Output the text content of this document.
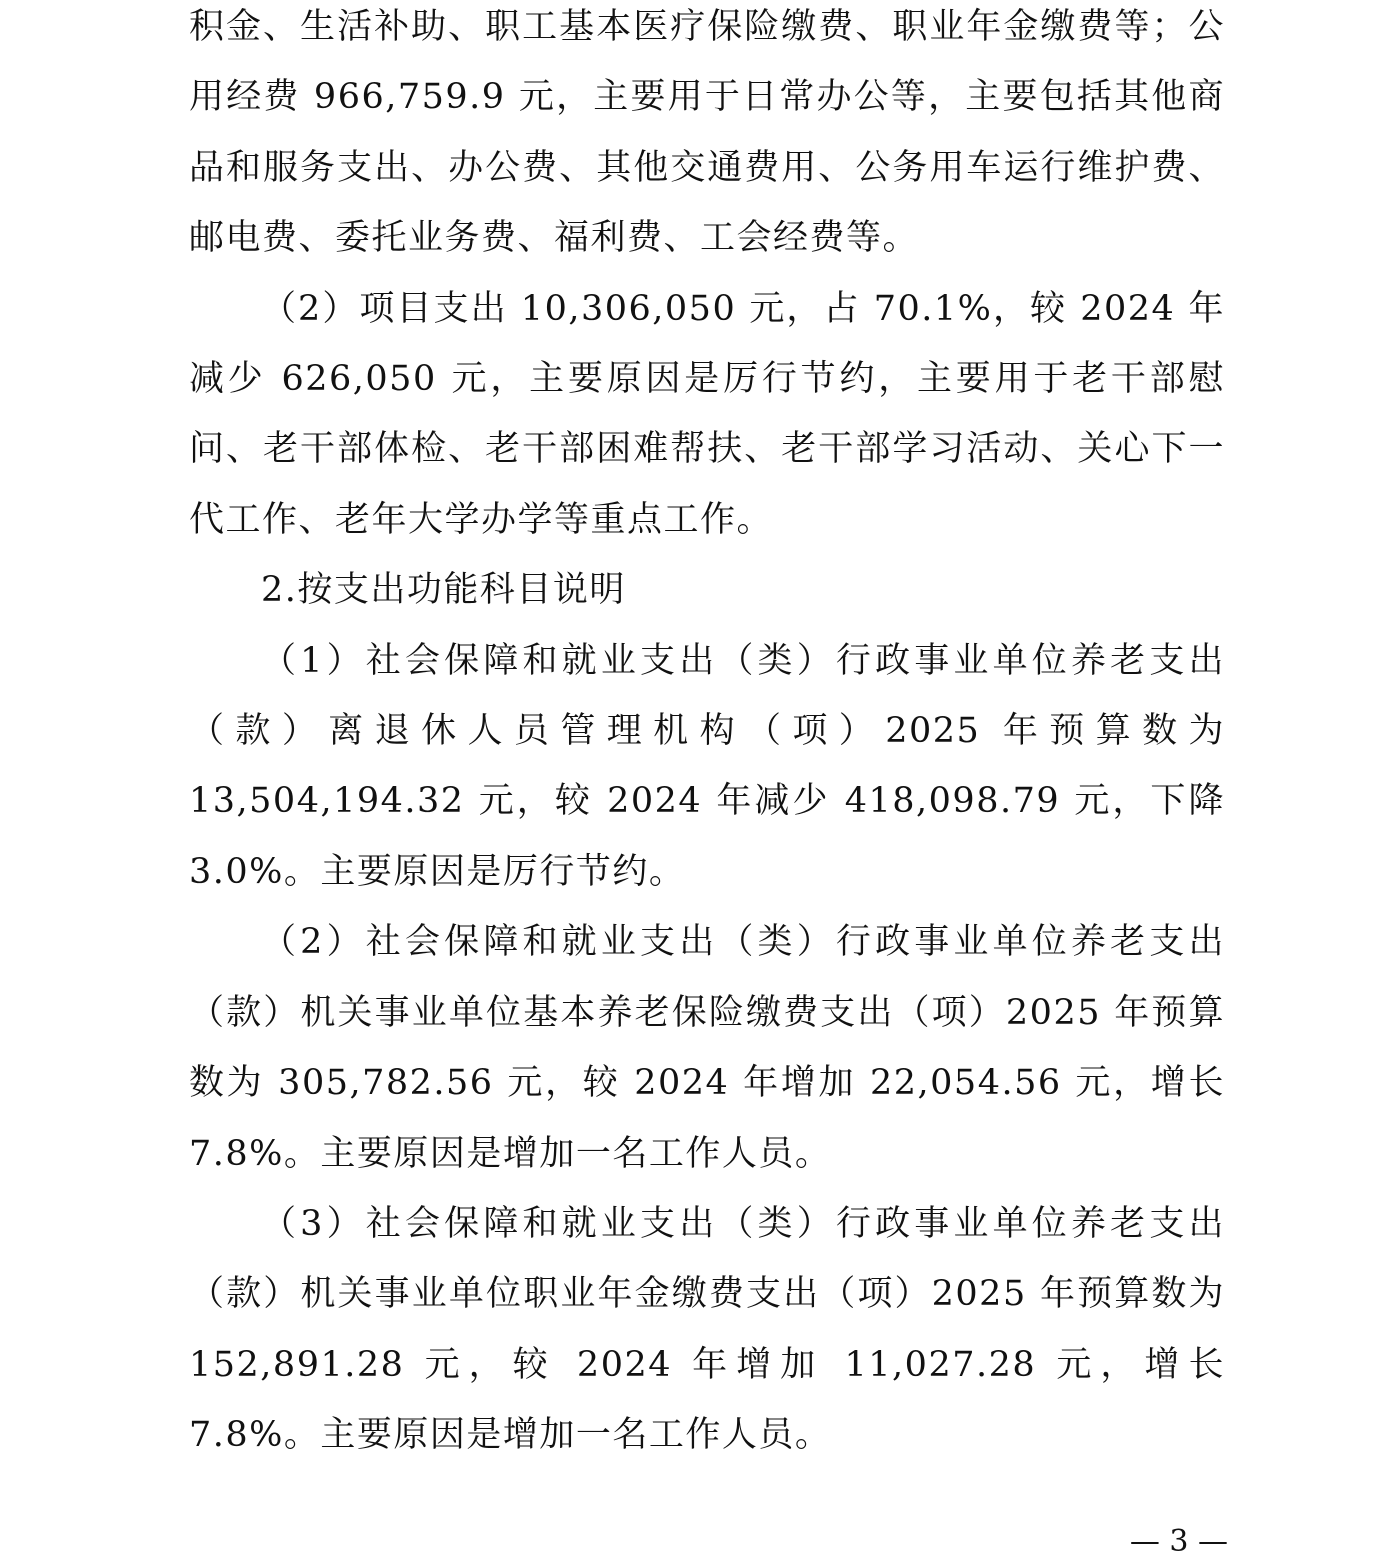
积金、生活补助、职工基本医疗保险缴费、职业年金缴费等；公用经费 966,759.9 元，主要用于日常办公等，主要包括其他商品和服务支出、办公费、其他交通费用、公务用车运行维护费、邮电费、委托业务费、福利费、工会经费等。

（2）项目支出 10,306,050 元，占 70.1%，较 2024 年减少 626,050 元，主要原因是厉行节约，主要用于老干部慰问、老干部体检、老干部困难帮扶、老干部学习活动、关心下一代工作、老年大学办学等重点工作。

2.按支出功能科目说明

（1）社会保障和就业支出（类）行政事业单位养老支出（款）离退休人员管理机构（项）2025 年预算数为 13,504,194.32 元，较 2024 年减少 418,098.79 元，下降 3.0%。主要原因是厉行节约。

（2）社会保障和就业支出（类）行政事业单位养老支出（款）机关事业单位基本养老保险缴费支出（项）2025 年预算数为 305,782.56 元，较 2024 年增加 22,054.56 元，增长 7.8%。主要原因是增加一名工作人员。

（3）社会保障和就业支出（类）行政事业单位养老支出（款）机关事业单位职业年金缴费支出（项）2025 年预算数为 152,891.28 元，较 2024 年增加 11,027.28 元，增长 7.8%。主要原因是增加一名工作人员。

— 3 —
